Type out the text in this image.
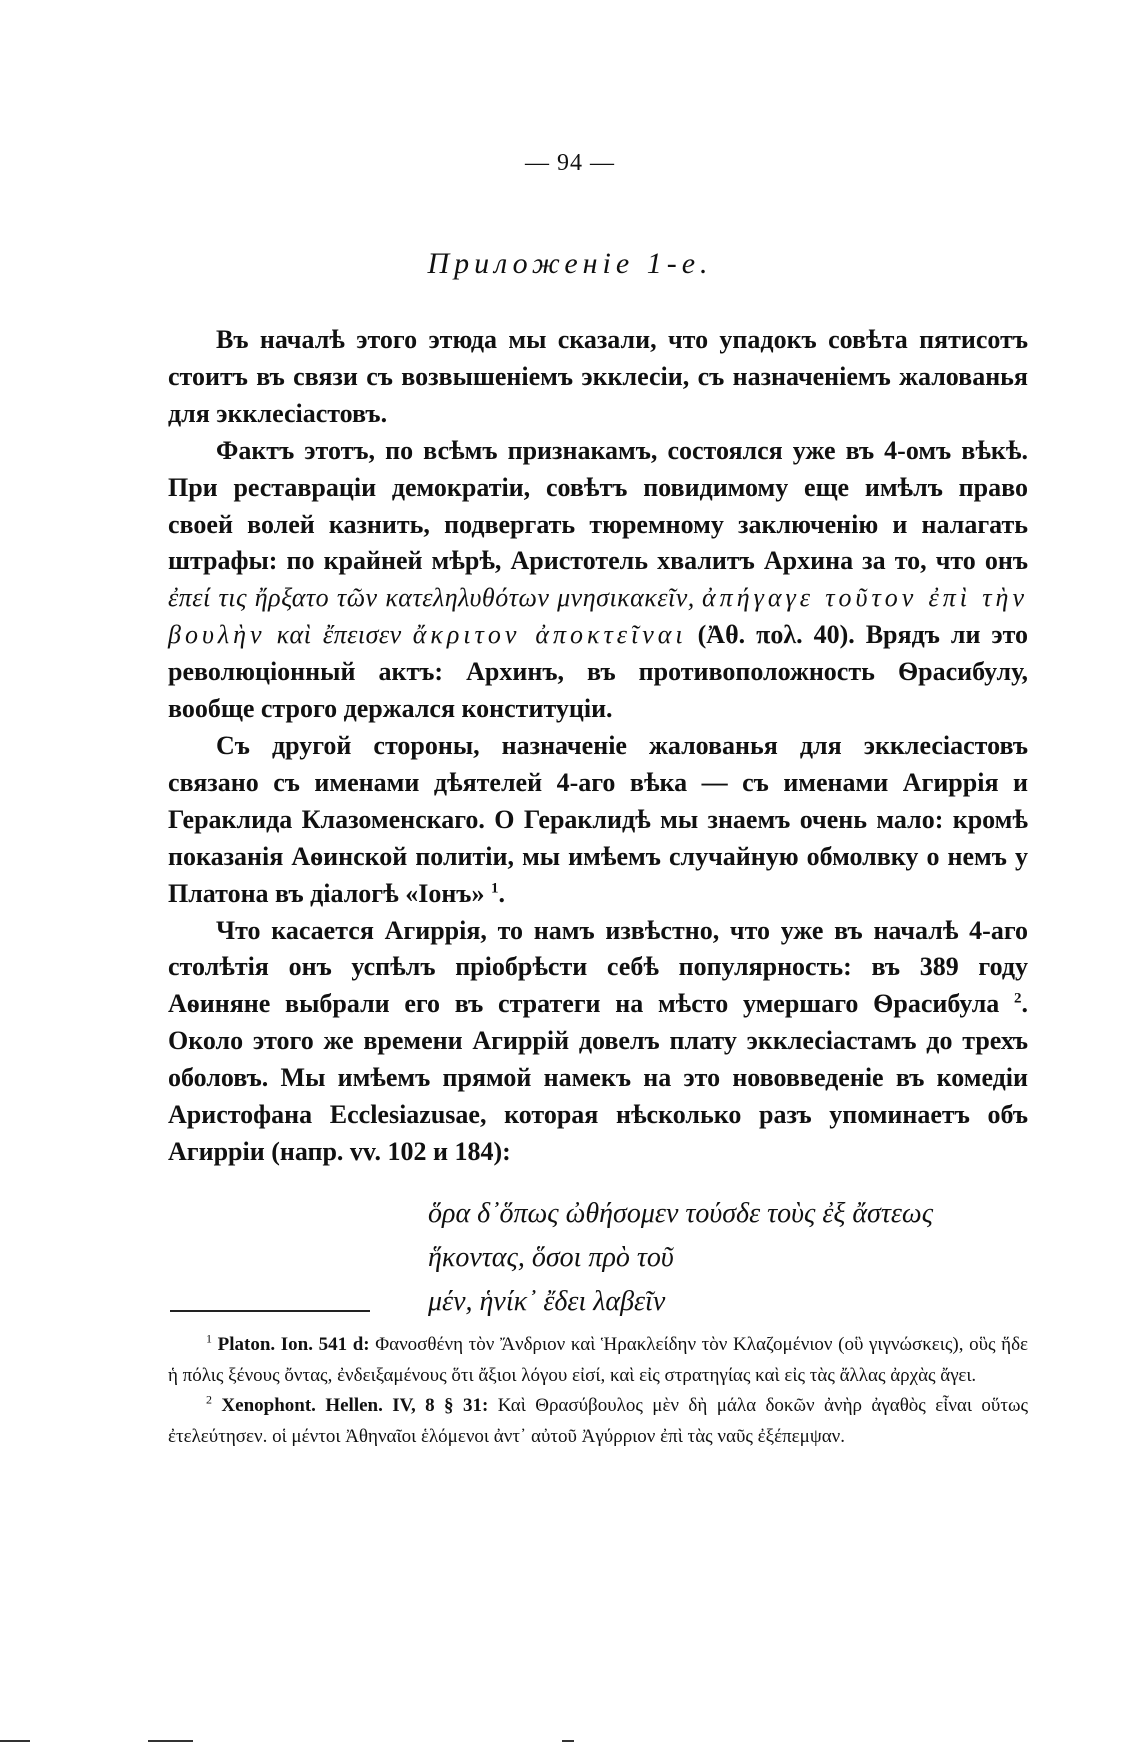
— 94 —
Приложеніе 1-е.

Въ началѣ этого этюда мы сказали, что упадокъ совѣта пятисотъ стоитъ въ связи съ возвышеніемъ экклесіи, съ назначеніемъ жалованья для экклесіастовъ.

Фактъ этотъ, по всѣмъ признакамъ, состоялся уже въ 4-омъ вѣкѣ. При реставраціи демократіи, совѣтъ повидимому еще имѣлъ право своей волей казнить, подвергать тюремному заключенію и налагать штрафы: по крайней мѣрѣ, Аристотель хвалитъ Архина за то, что онъ ἐπεί τις ἤρξατο τῶν κατεληλυθότων μνησικακεῖν, ἀπήγαγε τοῦτον ἐπὶ τὴν βουλὴν καὶ ἔπεισεν ἄκριτον ἀποκτεῖναι (Ἀθ. πολ. 40). Врядъ ли это революціонный актъ: Архинъ, въ противоположность Ѳрасибулу, вообще строго держался конституціи.

Съ другой стороны, назначеніе жалованья для экклесіастовъ связано съ именами дѣятелей 4-аго вѣка — съ именами Агиррія и Гераклида Клазоменскаго. О Гераклидѣ мы знаемъ очень мало: кромѣ показанія Аѳинской политіи, мы имѣемъ случайную обмолвку о немъ у Платона въ діалогѣ «Іонъ» $^1$.

Что касается Агиррія, то намъ извѣстно, что уже въ началѣ 4-аго столѣтія онъ успѣлъ пріобрѣсти себѣ популярность: въ 389 году Аѳиняне выбрали его въ стратеги на мѣсто умершаго Ѳрасибула $^2$. Около этого же времени Агиррій довелъ плату экклесіастамъ до трехъ оболовъ. Мы имѣемъ прямой намекъ на это нововведеніе въ комедіи Аристофана Ecclesiazusae, которая нѣсколько разъ упоминаетъ объ Агирріи (напр. vv. 102 и 184):

ὅρα δ᾽ὅπως ὠθήσομεν τούσδε τοὺς ἐξ ἄστεως
ἥκοντας, ὅσοι πρὸ τοῦ
μέν, ἡνίκ᾽ ἔδει λαβεῖν

$^1$ Platon. Ion. 541 d: Φανοσθένη τὸν Ἄνδριον καὶ Ἡρακλείδην τὸν Κλαζομένιον (οὓ γιγνώσκεις), οὓς ἥδε ἡ πόλις ξένους ὄντας, ἐνδειξαμένους ὅτι ἄξιοι λόγου εἰσί, καὶ εἰς στρατηγίας καὶ εἰς τὰς ἄλλας ἀρχὰς ἄγει.

$^2$ Xenophont. Hellen. IV, 8 § 31: Καὶ Θρασύβουλος μὲν δὴ μάλα δοκῶν ἀνὴρ ἀγαθὸς εἶναι οὕτως ἐτελεύτησεν. οἱ μέντοι Ἀθηναῖοι ἑλόμενοι ἀντ᾽ αὐτοῦ Ἀγύρριον ἐπὶ τὰς ναῦς ἐξέπεμψαν.
